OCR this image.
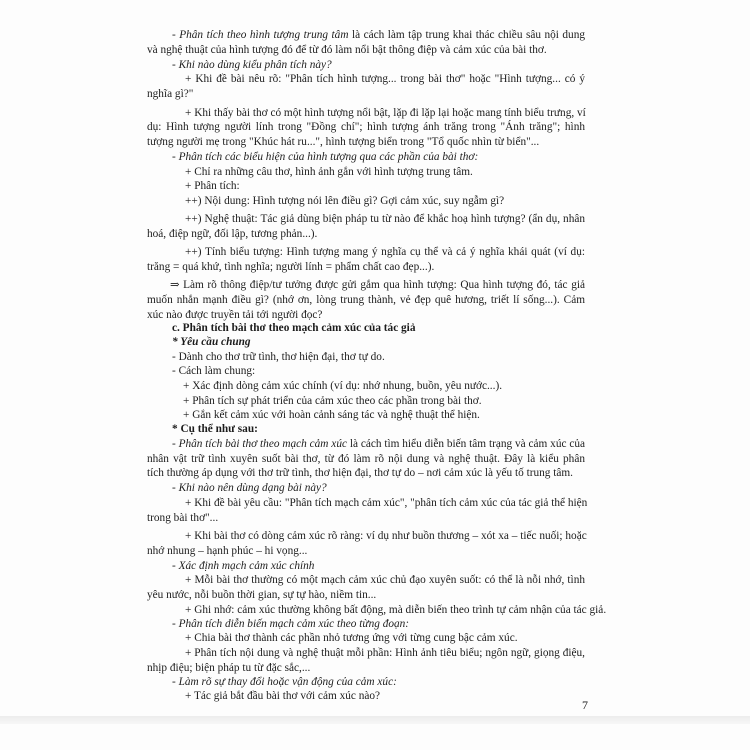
- Phân tích theo hình tượng trung tâm là cách làm tập trung khai thác chiều sâu nội dung
và nghệ thuật của hình tượng đó để từ đó làm nổi bật thông điệp và cảm xúc của bài thơ.
- Khi nào dùng kiểu phân tích này?
+ Khi đề bài nêu rõ: "Phân tích hình tượng... trong bài thơ" hoặc "Hình tượng... có ý
nghĩa gì?"
+ Khi thấy bài thơ có một hình tượng nổi bật, lặp đi lặp lại hoặc mang tính biểu trưng, ví
dụ: Hình tượng người lính trong "Đồng chí"; hình tượng ánh trăng trong "Ánh trăng"; hình
tượng người mẹ trong "Khúc hát ru...", hình tượng biển trong "Tổ quốc nhìn từ biển"...
- Phân tích các biểu hiện của hình tượng qua các phần của bài thơ:
+ Chỉ ra những câu thơ, hình ảnh gắn với hình tượng trung tâm.
+ Phân tích:
++) Nội dung: Hình tượng nói lên điều gì? Gợi cảm xúc, suy ngẫm gì?
++) Nghệ thuật: Tác giả dùng biện pháp tu từ nào để khắc hoạ hình tượng? (ẩn dụ, nhân
hoá, điệp ngữ, đối lập, tương phản...).
++) Tính biểu tượng: Hình tượng mang ý nghĩa cụ thể và cả ý nghĩa khái quát (ví dụ:
trăng = quá khứ, tình nghĩa; người lính = phẩm chất cao đẹp...).
⇒ Làm rõ thông điệp/tư tưởng được gửi gắm qua hình tượng: Qua hình tượng đó, tác giả
muốn nhắn mạnh điều gì? (nhớ ơn, lòng trung thành, vẻ đẹp quê hương, triết lí sống...). Cảm
xúc nào được truyền tải tới người đọc?
c. Phân tích bài thơ theo mạch cảm xúc của tác giả
* Yêu cầu chung
- Dành cho thơ trữ tình, thơ hiện đại, thơ tự do.
- Cách làm chung:
+ Xác định dòng cảm xúc chính (ví dụ: nhớ nhung, buồn, yêu nước...).
+ Phân tích sự phát triển của cảm xúc theo các phần trong bài thơ.
+ Gắn kết cảm xúc với hoàn cảnh sáng tác và nghệ thuật thể hiện.
* Cụ thể như sau:
- Phân tích bài thơ theo mạch cảm xúc là cách tìm hiểu diễn biến tâm trạng và cảm xúc của
nhân vật trữ tình xuyên suốt bài thơ, từ đó làm rõ nội dung và nghệ thuật. Đây là kiểu phân
tích thường áp dụng với thơ trữ tình, thơ hiện đại, thơ tự do – nơi cảm xúc là yếu tố trung tâm.
- Khi nào nên dùng dạng bài này?
+ Khi đề bài yêu cầu: "Phân tích mạch cảm xúc", "phân tích cảm xúc của tác giả thể hiện
trong bài thơ"...
+ Khi bài thơ có dòng cảm xúc rõ ràng: ví dụ như buồn thương – xót xa – tiếc nuối; hoặc
nhớ nhung – hạnh phúc – hi vọng...
- Xác định mạch cảm xúc chính
+ Mỗi bài thơ thường có một mạch cảm xúc chủ đạo xuyên suốt: có thể là nỗi nhớ, tình
yêu nước, nỗi buồn thời gian, sự tự hào, niềm tin...
+ Ghi nhớ: cảm xúc thường không bất động, mà diễn biến theo trình tự cảm nhận của tác giả.
- Phân tích diễn biến mạch cảm xúc theo từng đoạn:
+ Chia bài thơ thành các phần nhỏ tương ứng với từng cung bậc cảm xúc.
+ Phân tích nội dung và nghệ thuật mỗi phần: Hình ảnh tiêu biểu; ngôn ngữ, giọng điệu,
nhịp điệu; biện pháp tu từ đặc sắc,...
- Làm rõ sự thay đổi hoặc vận động của cảm xúc:
+ Tác giả bắt đầu bài thơ với cảm xúc nào?
7
